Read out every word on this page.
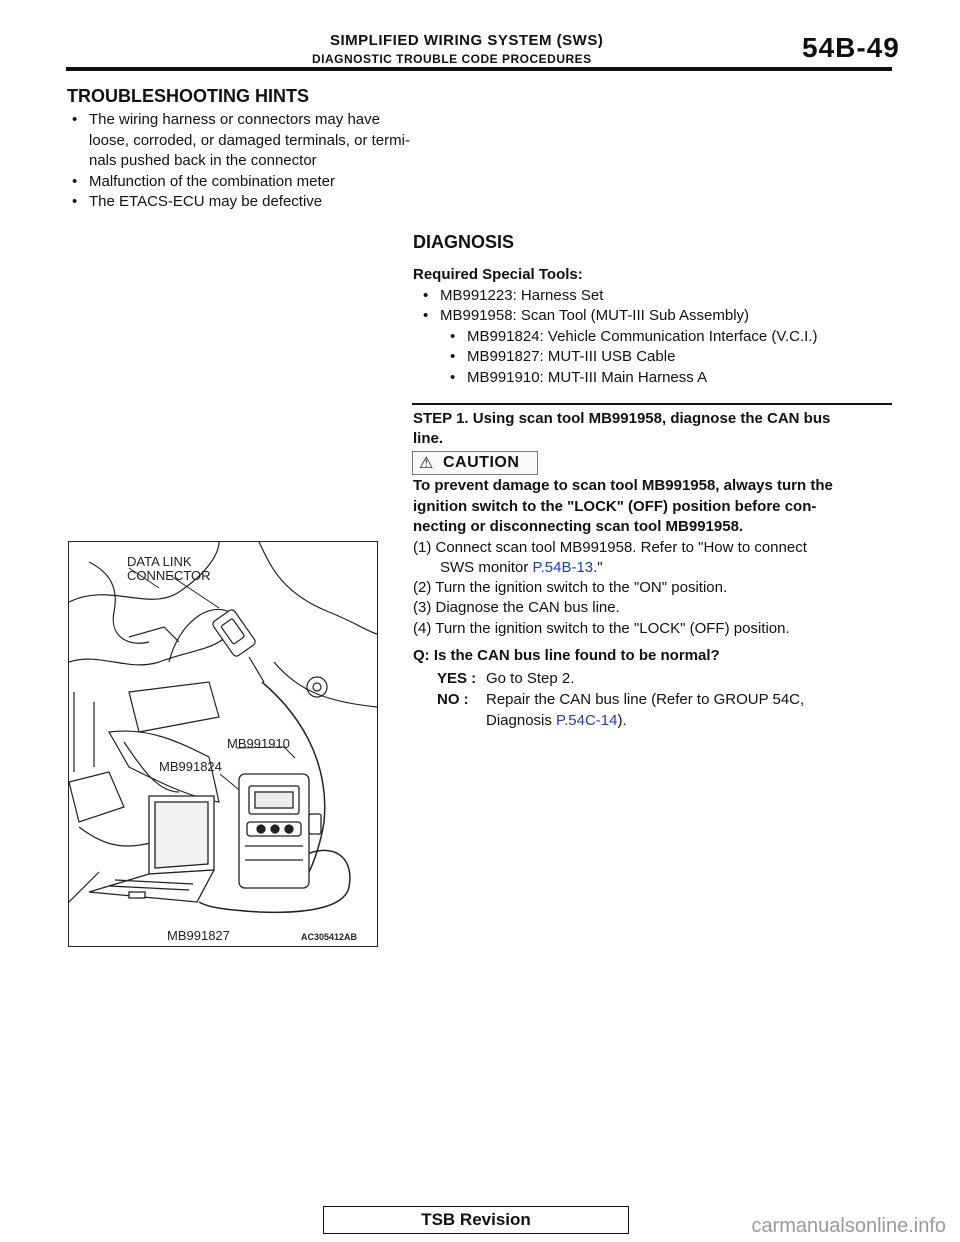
SIMPLIFIED WIRING SYSTEM (SWS)
DIAGNOSTIC TROUBLE CODE PROCEDURES	54B-49
TROUBLESHOOTING HINTS
• The wiring harness or connectors may have
loose, corroded, or damaged terminals, or termi-
nals pushed back in the connector
• Malfunction of the combination meter
• The ETACS-ECU may be defective
DIAGNOSIS
Required Special Tools:
• MB991223: Harness Set
• MB991958: Scan Tool (MUT-III Sub Assembly)
• MB991824: Vehicle Communication Interface (V.C.I.)
• MB991827: MUT-III USB Cable
• MB991910: MUT-III Main Harness A
STEP 1. Using scan tool MB991958, diagnose the CAN bus
line.
⚠ CAUTION
To prevent damage to scan tool MB991958, always turn the
ignition switch to the "LOCK" (OFF) position before con-
necting or disconnecting scan tool MB991958.
(1) Connect scan tool MB991958. Refer to "How to connect
SWS monitor P.54B-13."
(2) Turn the ignition switch to the "ON" position.
(3) Diagnose the CAN bus line.
(4) Turn the ignition switch to the "LOCK" (OFF) position.
Q: Is the CAN bus line found to be normal?
YES : Go to Step 2.
NO : Repair the CAN bus line (Refer to GROUP 54C,
Diagnosis P.54C-14).
DATA LINK
CONNECTOR
MB991910
MB991824
MB991827	AC305412AB
TSB Revision	carmanualsonline.info
